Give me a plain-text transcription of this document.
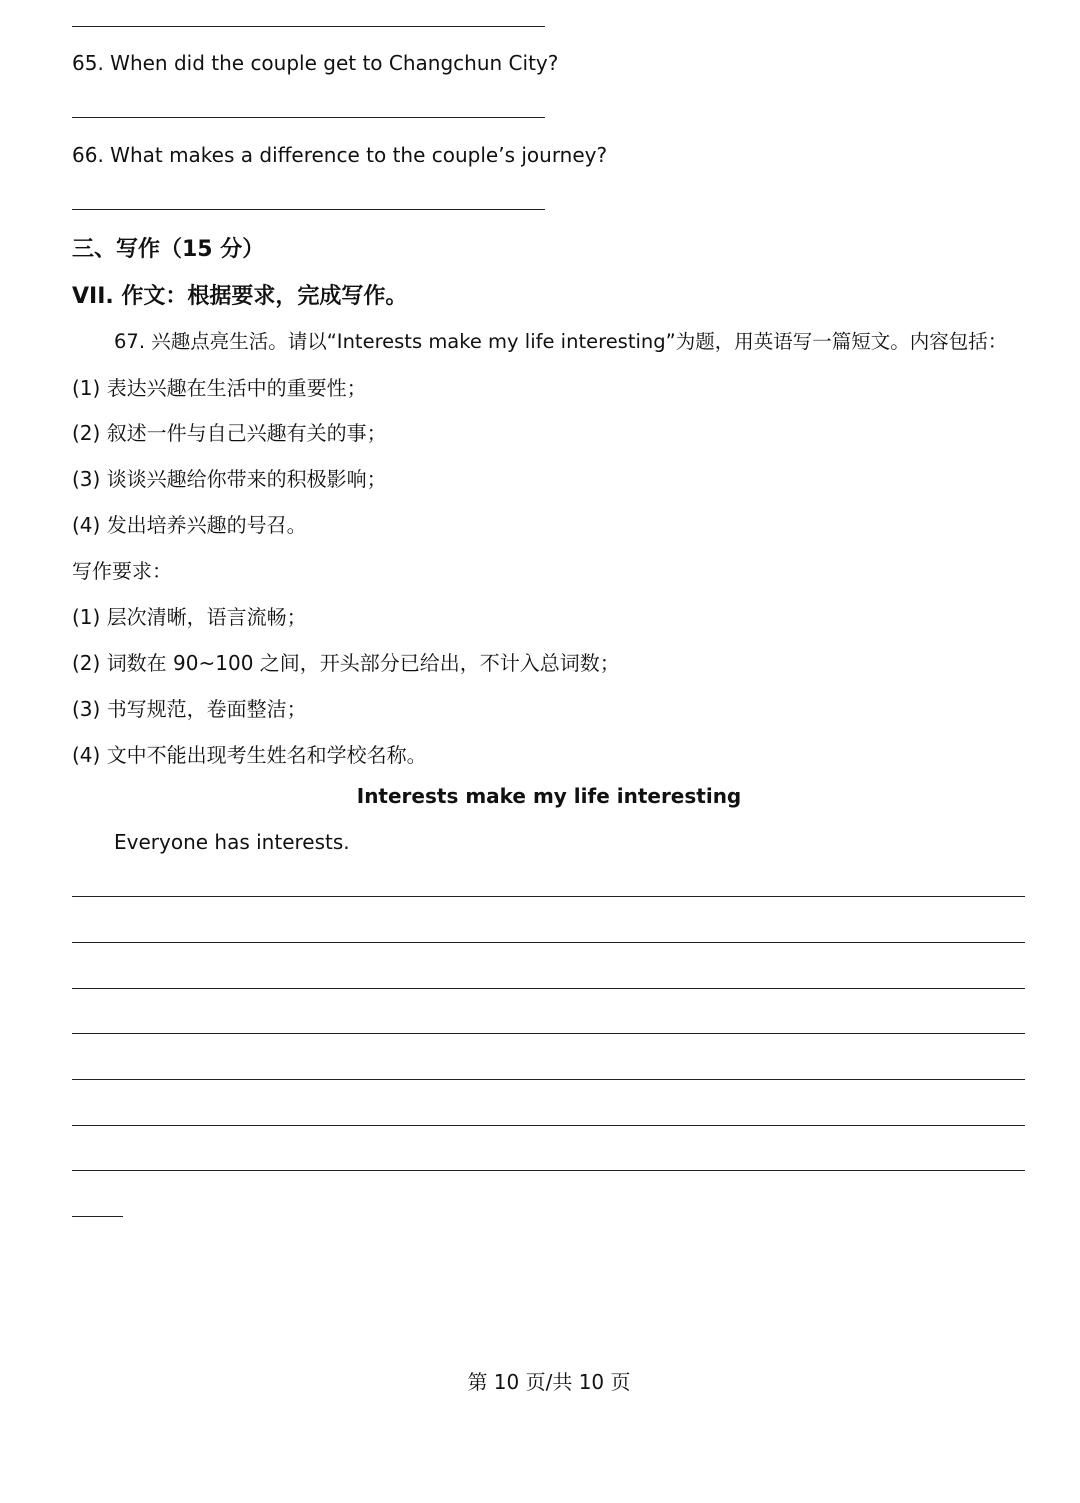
65. When did the couple get to Changchun City?
66. What makes a difference to the couple’s journey?
三、写作（15 分）
VII. 作文：根据要求，完成写作。
67. 兴趣点亮生活。请以“Interests make my life interesting”为题，用英语写一篇短文。内容包括：
(1) 表达兴趣在生活中的重要性；
(2) 叙述一件与自己兴趣有关的事；
(3) 谈谈兴趣给你带来的积极影响；
(4) 发出培养兴趣的号召。
写作要求：
(1) 层次清晰，语言流畅；
(2) 词数在 90~100 之间，开头部分已给出，不计入总词数；
(3) 书写规范，卷面整洁；
(4) 文中不能出现考生姓名和学校名称。
Interests make my life interesting
Everyone has interests.
第 10 页/共 10 页
